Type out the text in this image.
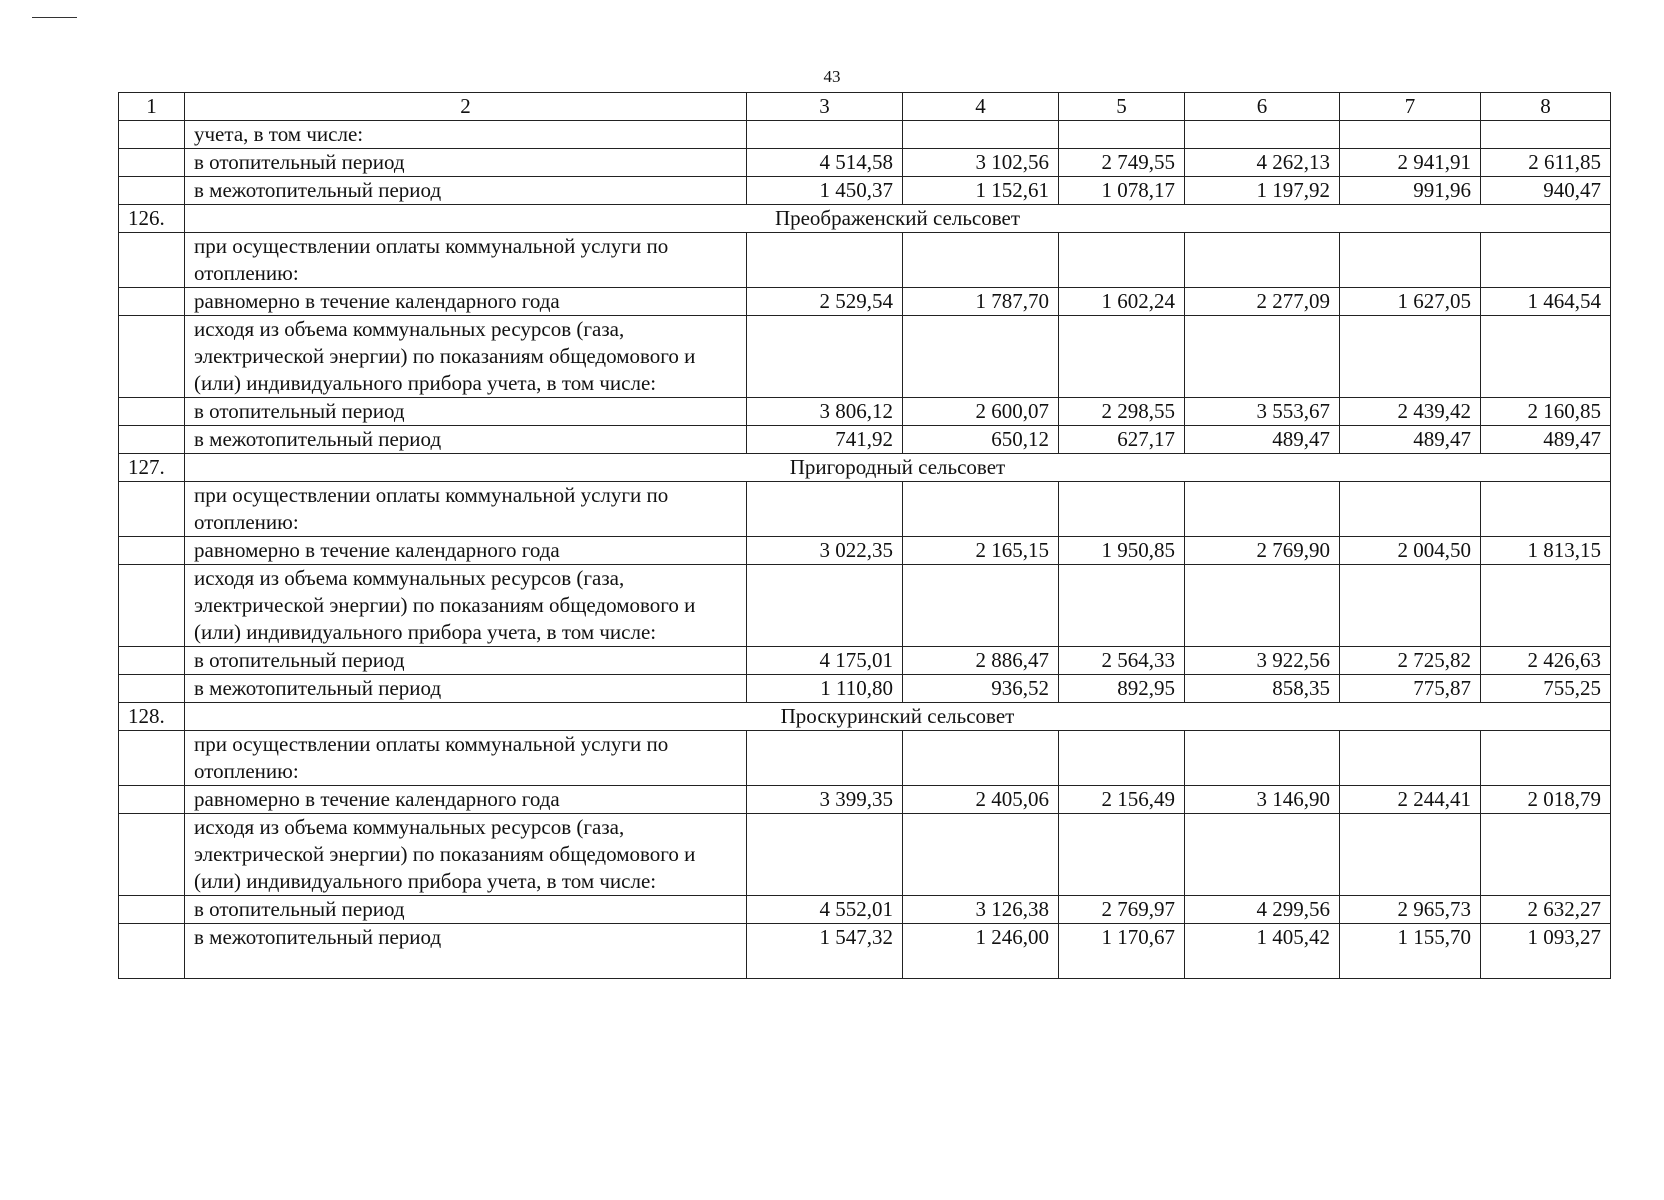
43
1	2	3	4	5	6	7	8
	учета, в том числе:						
	в отопительный период	4 514,58	3 102,56	2 749,55	4 262,13	2 941,91	2 611,85
	в межотопительный период	1 450,37	1 152,61	1 078,17	1 197,92	991,96	940,47
126.	Преображенский сельсовет						
	при осуществлении оплаты коммунальной услуги по отоплению:						
	равномерно в течение календарного года	2 529,54	1 787,70	1 602,24	2 277,09	1 627,05	1 464,54
	исходя из объема коммунальных ресурсов (газа, электрической энергии) по показаниям общедомового и (или) индивидуального прибора учета, в том числе:						
	в отопительный период	3 806,12	2 600,07	2 298,55	3 553,67	2 439,42	2 160,85
	в межотопительный период	741,92	650,12	627,17	489,47	489,47	489,47
127.	Пригородный сельсовет						
	при осуществлении оплаты коммунальной услуги по отоплению:						
	равномерно в течение календарного года	3 022,35	2 165,15	1 950,85	2 769,90	2 004,50	1 813,15
	исходя из объема коммунальных ресурсов (газа, электрической энергии) по показаниям общедомового и (или) индивидуального прибора учета, в том числе:						
	в отопительный период	4 175,01	2 886,47	2 564,33	3 922,56	2 725,82	2 426,63
	в межотопительный период	1 110,80	936,52	892,95	858,35	775,87	755,25
128.	Проскуринский сельсовет						
	при осуществлении оплаты коммунальной услуги по отоплению:						
	равномерно в течение календарного года	3 399,35	2 405,06	2 156,49	3 146,90	2 244,41	2 018,79
	исходя из объема коммунальных ресурсов (газа, электрической энергии) по показаниям общедомового и (или) индивидуального прибора учета, в том числе:						
	в отопительный период	4 552,01	3 126,38	2 769,97	4 299,56	2 965,73	2 632,27
	в межотопительный период	1 547,32	1 246,00	1 170,67	1 405,42	1 155,70	1 093,27
